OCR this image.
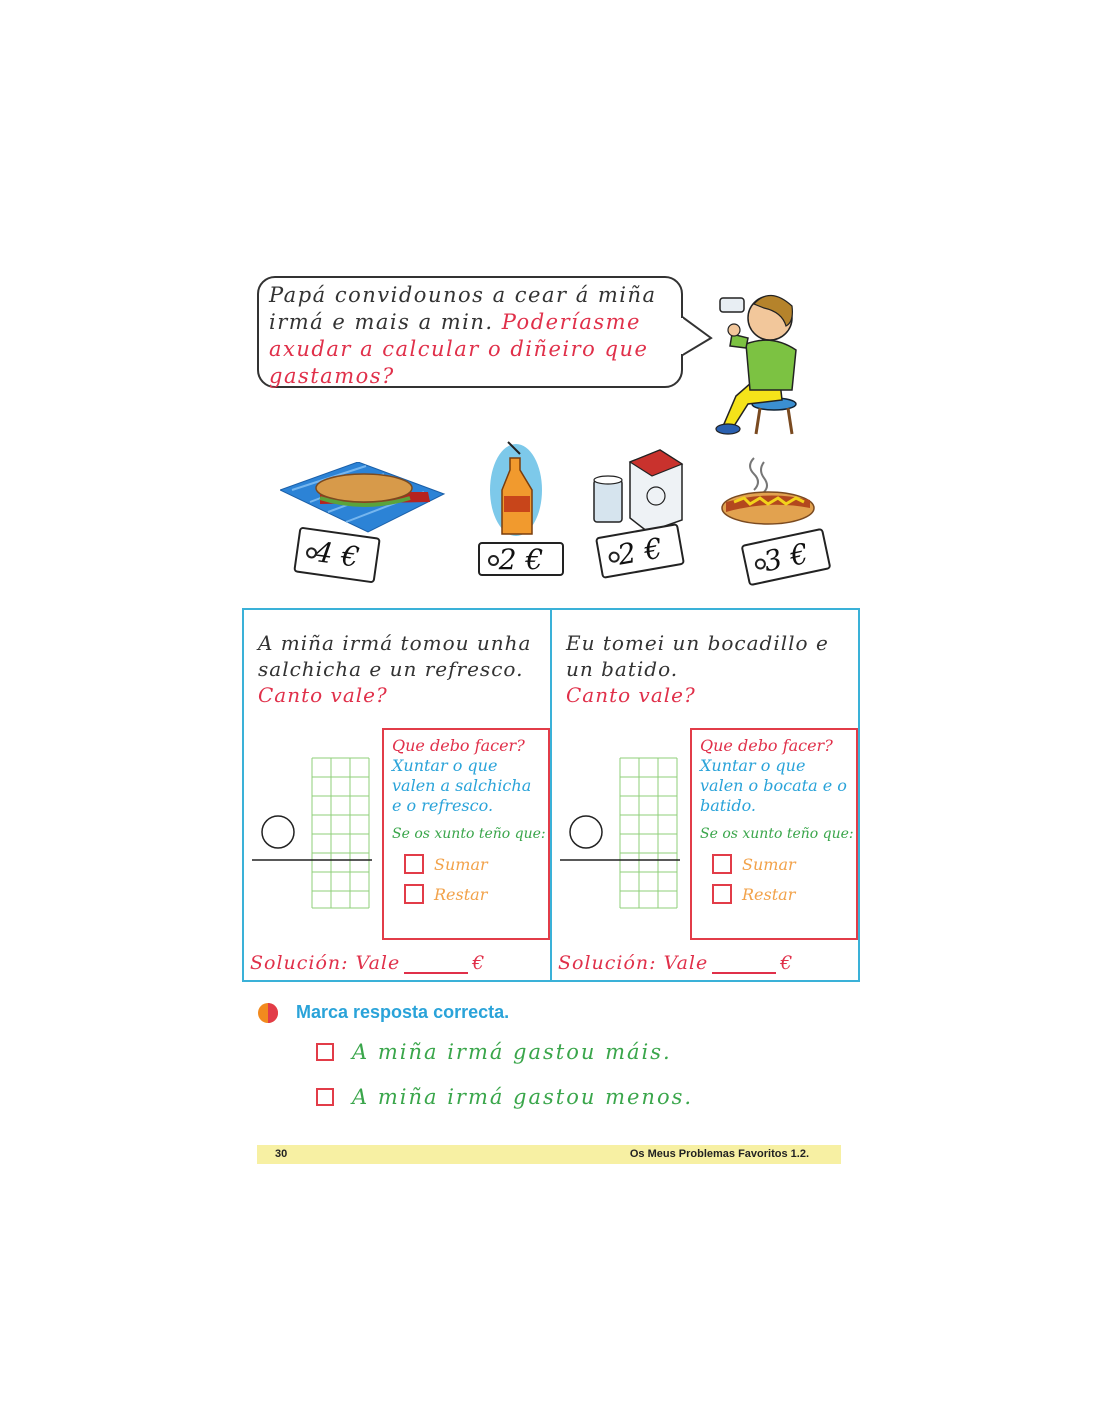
Papá convidounos a cear á miña irmá e mais a min. Poderíasme axudar a calcular o diñeiro que gastamos?
4 €	2 €	2 €	3 €
A miña irmá tomou unha salchicha e un refresco.
Canto vale?
Que debo facer?
Xuntar o que valen a salchicha e o refresco.
Se os xunto teño que:
Sumar
Restar
Solución: Vale	€
Eu tomei un bocadillo e un batido.
Canto vale?
Que debo facer?
Xuntar o que valen o bocata e o batido.
Se os xunto teño que:
Sumar
Restar
Solución: Vale	€
Marca resposta correcta.
A miña irmá gastou máis.
A miña irmá gastou menos.
30	Os Meus Problemas Favoritos 1.2.
